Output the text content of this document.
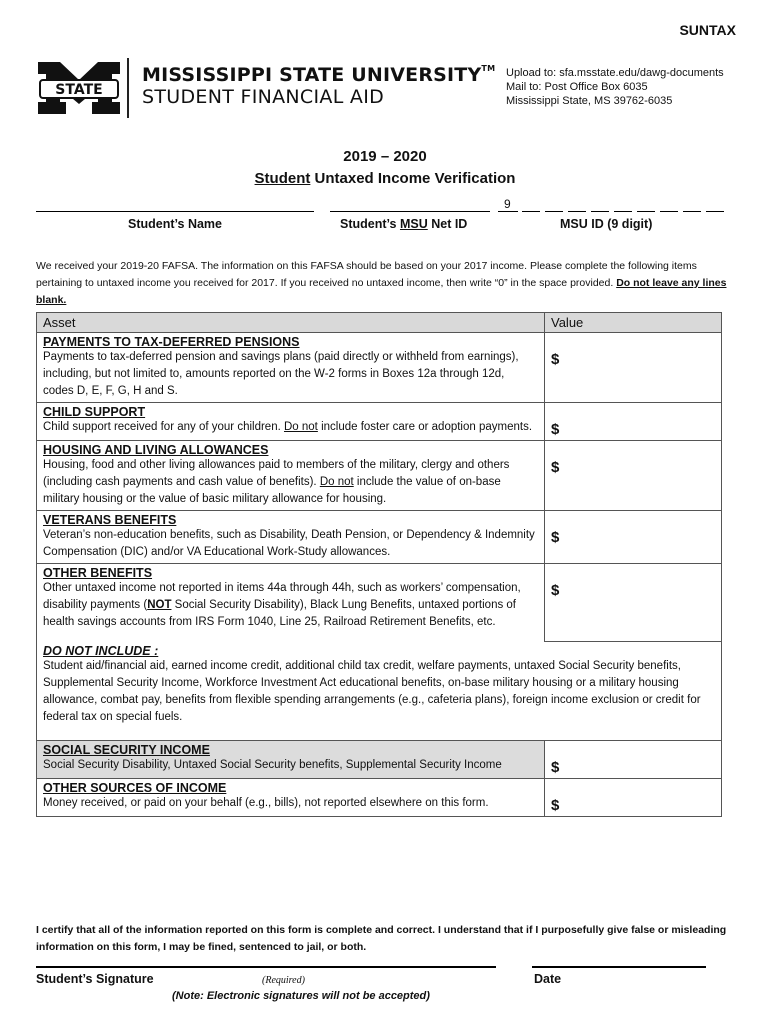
SUNTAX
STATE
MISSISSIPPI STATE UNIVERSITY™
STUDENT FINANCIAL AID
Upload to: sfa.msstate.edu/dawg-documents
Mail to: Post Office Box 6035
Mississippi State, MS 39762-6035
2019 – 2020
Student Untaxed Income Verification
Student’s Name	Student’s MSU Net ID
9
MSU ID (9 digit)
We received your 2019-20 FAFSA. The information on this FAFSA should be based on your 2017 income. Please complete the following items pertaining to untaxed income you received for 2017. If you received no untaxed income, then write “0” in the space provided. Do not leave any lines blank.
Asset	Value

PAYMENTS TO TAX-DEFERRED PENSIONS
Payments to tax-deferred pension and savings plans (paid directly or withheld from earnings), including, but not limited to, amounts reported on the W-2 forms in Boxes 12a through 12d, codes D, E, F, G, H and S.	$

CHILD SUPPORT
Child support received for any of your children. Do not include foster care or adoption payments.	$

HOUSING AND LIVING ALLOWANCES
Housing, food and other living allowances paid to members of the military, clergy and others (including cash payments and cash value of benefits). Do not include the value of on-base military housing or the value of basic military allowance for housing.	$

VETERANS BENEFITS
Veteran’s non-education benefits, such as Disability, Death Pension, or Dependency & Indemnity Compensation (DIC) and/or VA Educational Work-Study allowances.	$

OTHER BENEFITS
Other untaxed income not reported in items 44a through 44h, such as workers’ compensation, disability payments (NOT Social Security Disability), Black Lung Benefits, untaxed portions of health savings accounts from IRS Form 1040, Line 25, Railroad Retirement Benefits, etc.	$

DO NOT INCLUDE :
Student aid/financial aid, earned income credit, additional child tax credit, welfare payments, untaxed Social Security benefits, Supplemental Security Income, Workforce Investment Act educational benefits, on-base military housing or a military housing allowance, combat pay, benefits from flexible spending arrangements (e.g., cafeteria plans), foreign income exclusion or credit for federal tax on special fuels.	

SOCIAL SECURITY INCOME
Social Security Disability, Untaxed Social Security benefits, Supplemental Security Income	$

OTHER SOURCES OF INCOME
Money received, or paid on your behalf (e.g., bills), not reported elsewhere on this form.	$
I certify that all of the information reported on this form is complete and correct. I understand that if I purposefully give false or misleading information on this form, I may be fined, sentenced to jail, or both.
Student’s Signature	(Required)	Date
(Note: Electronic signatures will not be accepted)
